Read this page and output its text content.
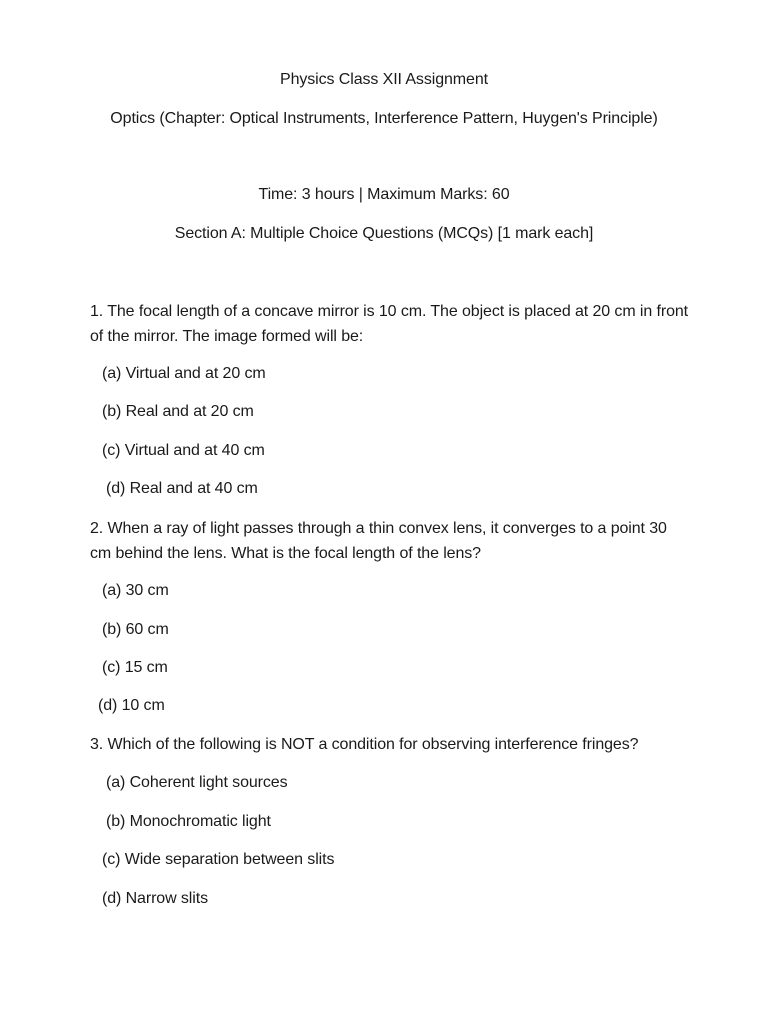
Physics Class XII Assignment
Optics (Chapter: Optical Instruments, Interference Pattern, Huygen's Principle)
Time: 3 hours | Maximum Marks: 60
Section A: Multiple Choice Questions (MCQs) [1 mark each]
1. The focal length of a concave mirror is 10 cm. The object is placed at 20 cm in front of the mirror. The image formed will be:
(a) Virtual and at 20 cm
(b) Real and at 20 cm
(c) Virtual and at 40 cm
(d) Real and at 40 cm
2. When a ray of light passes through a thin convex lens, it converges to a point 30 cm behind the lens. What is the focal length of the lens?
(a) 30 cm
(b) 60 cm
(c) 15 cm
(d) 10 cm
3. Which of the following is NOT a condition for observing interference fringes?
(a) Coherent light sources
(b) Monochromatic light
(c) Wide separation between slits
(d) Narrow slits
